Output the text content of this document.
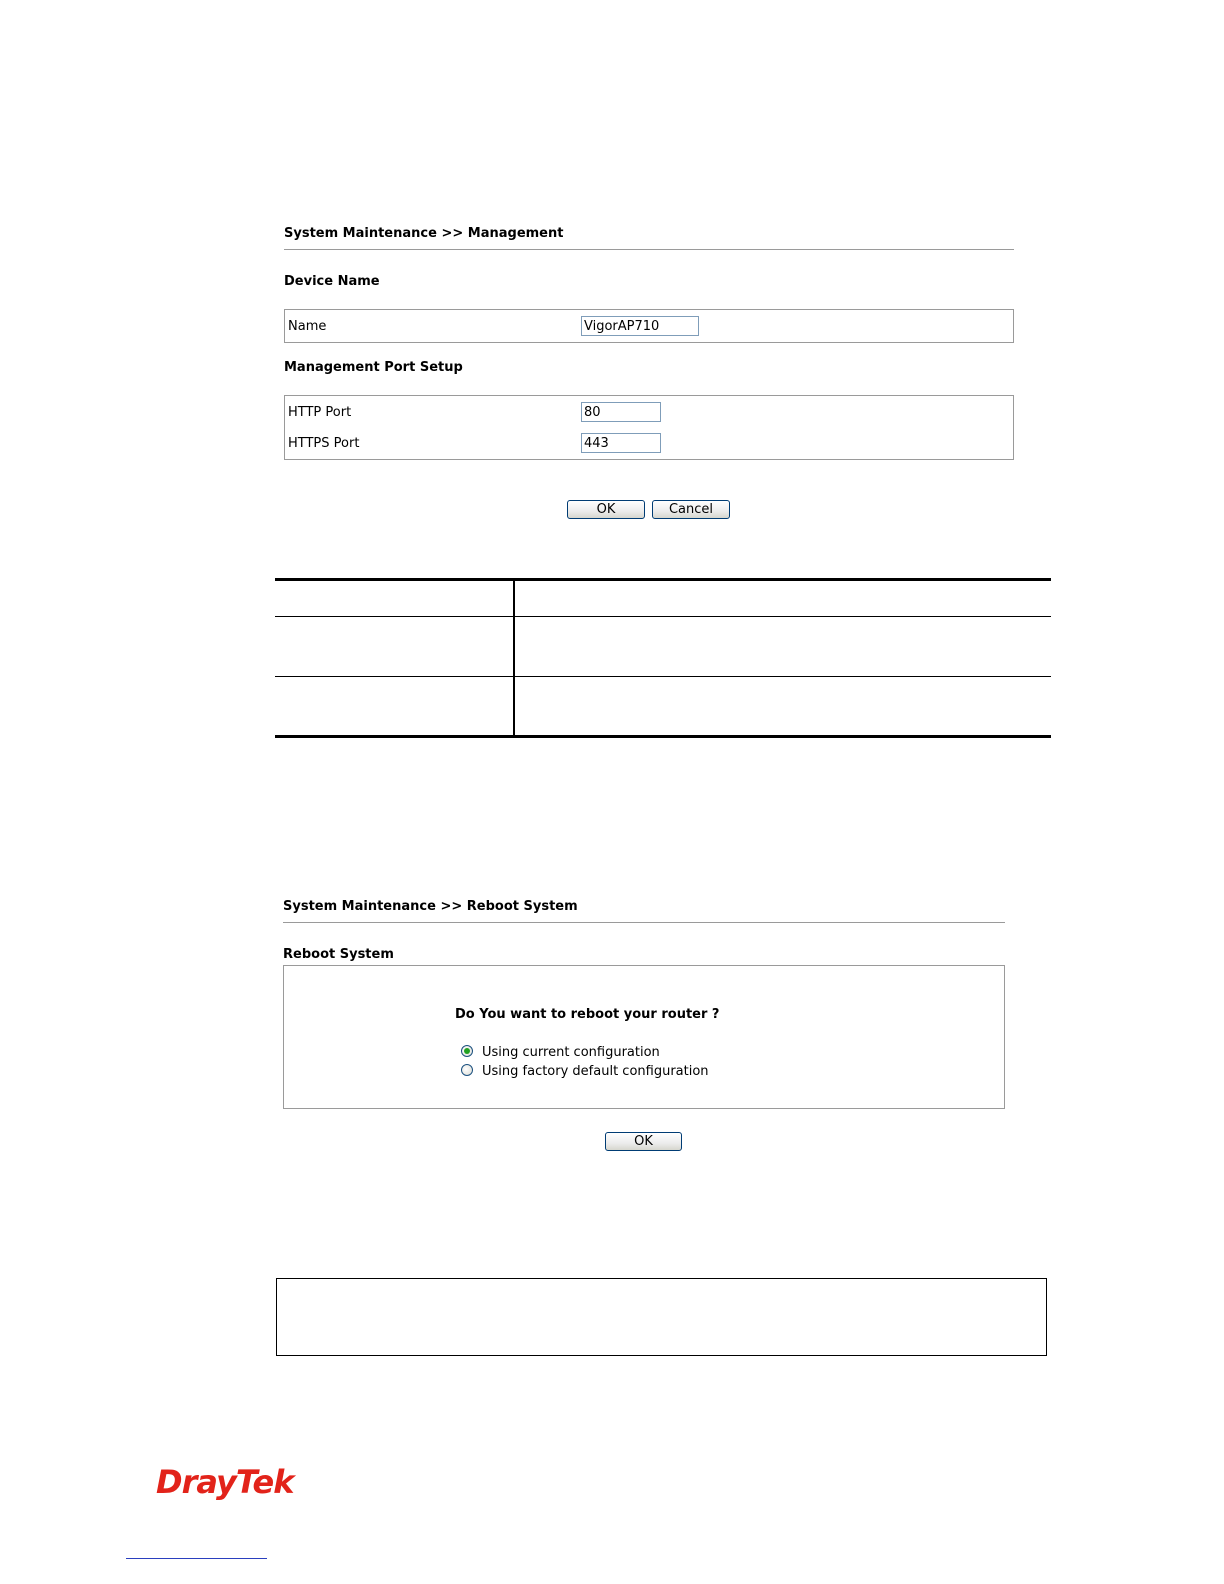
System Maintenance >> Management
Device Name
Name
VigorAP710
Management Port Setup
HTTP Port
80
HTTPS Port
443
OK	Cancel
System Maintenance >> Reboot System
Reboot System
Do You want to reboot your router ?
Using current configuration
Using factory default configuration
OK
DrayTek
